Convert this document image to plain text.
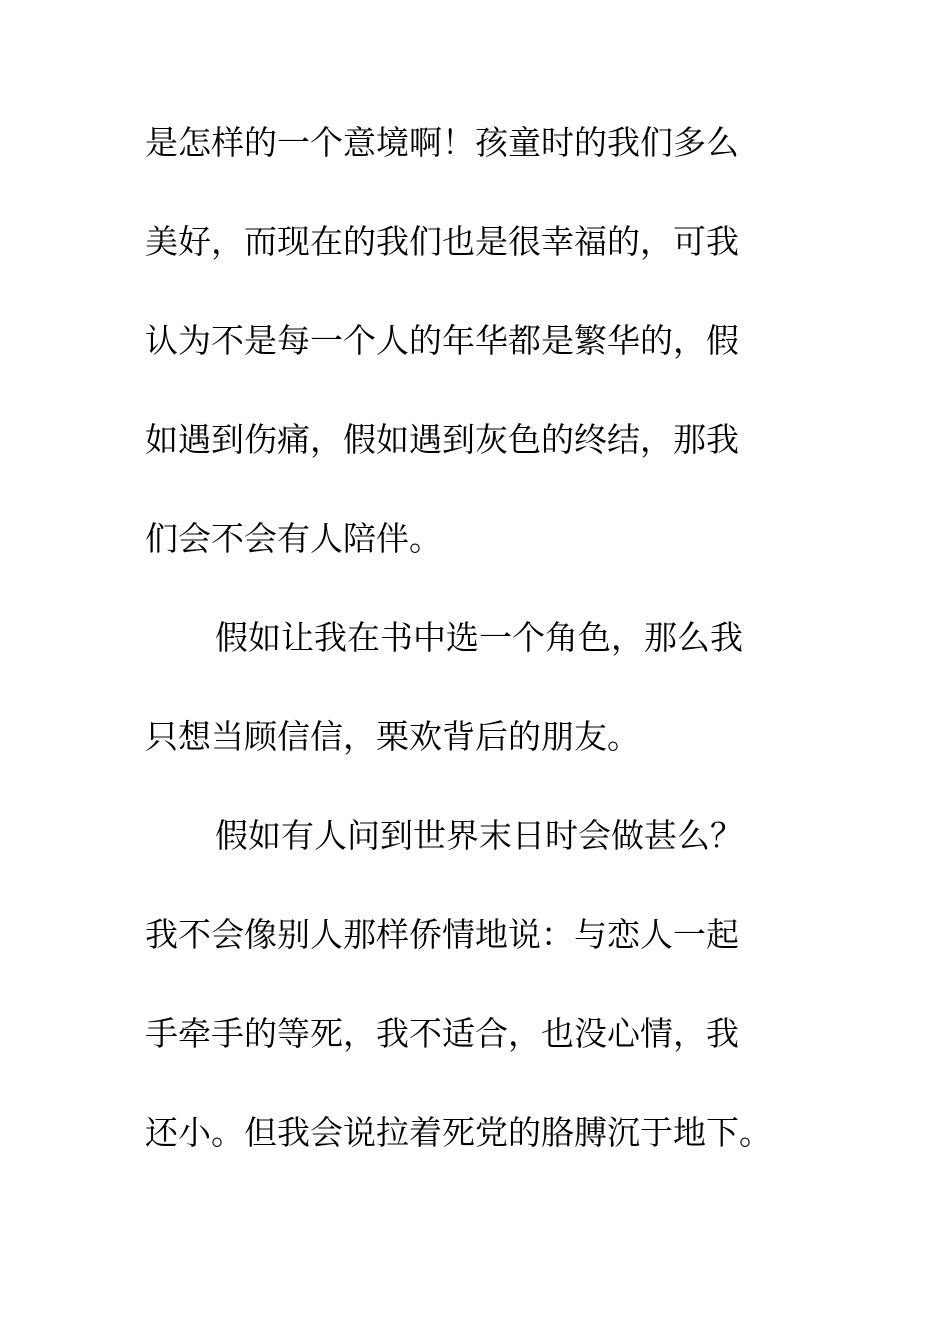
是怎样的一个意境啊！孩童时的我们多么
美好，而现在的我们也是很幸福的，可我
认为不是每一个人的年华都是繁华的，假
如遇到伤痛，假如遇到灰色的终结，那我
们会不会有人陪伴。
假如让我在书中选一个角色，那么我
只想当顾信信，栗欢背后的朋友。
假如有人问到世界末日时会做甚么？
我不会像别人那样侨情地说：与恋人一起
手牵手的等死，我不适合，也没心情，我
还小。但我会说拉着死党的胳膊沉于地下。
